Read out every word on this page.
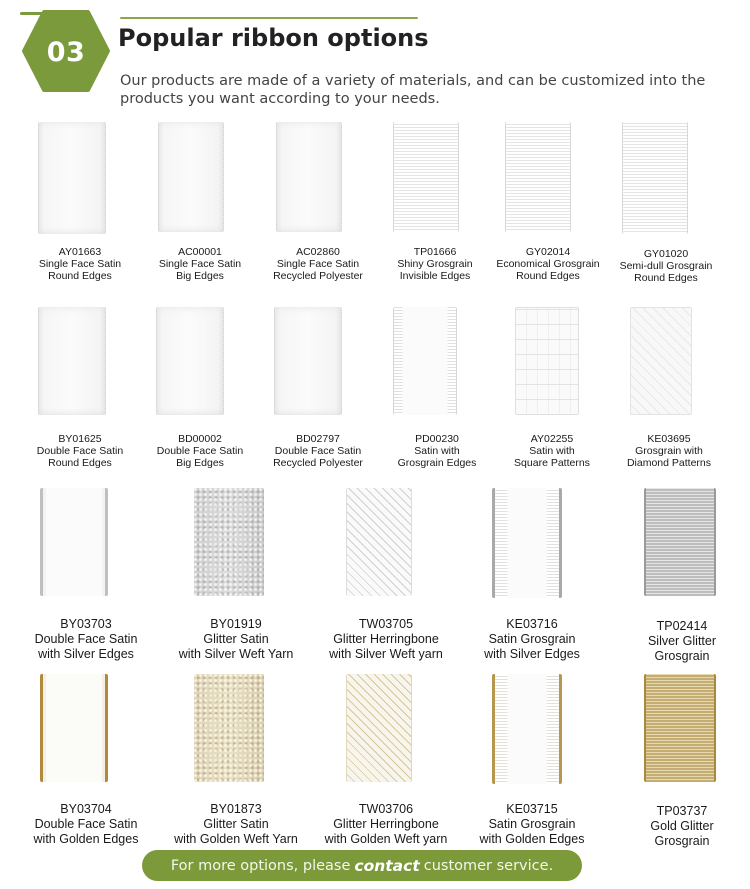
03	Popular ribbon options

Our products are made of a variety of materials, and can be customized into the products you want according to your needs.

AY01663
Single Face Satin
Round Edges
AC00001
Single Face Satin
Big Edges
AC02860
Single Face Satin
Recycled Polyester
TP01666
Shiny Grosgrain
Invisible Edges
GY02014
Economical Grosgrain
Round Edges
GY01020
Semi-dull Grosgrain
Round Edges
BY01625
Double Face Satin
Round Edges
BD00002
Double Face Satin
Big Edges
BD02797
Double Face Satin
Recycled Polyester
PD00230
Satin with
Grosgrain Edges
AY02255
Satin with
Square Patterns
KE03695
Grosgrain with
Diamond Patterns
BY03703
Double Face Satin
with Silver Edges
BY01919
Glitter Satin
with Silver Weft Yarn
TW03705
Glitter Herringbone
with Silver Weft yarn
KE03716
Satin Grosgrain
with Silver Edges
TP02414
Silver Glitter
Grosgrain
BY03704
Double Face Satin
with Golden Edges
BY01873
Glitter Satin
with Golden Weft Yarn
TW03706
Glitter Herringbone
with Golden Weft yarn
KE03715
Satin Grosgrain
with Golden Edges
TP03737
Gold Glitter
Grosgrain
For more options, please contact customer service.
